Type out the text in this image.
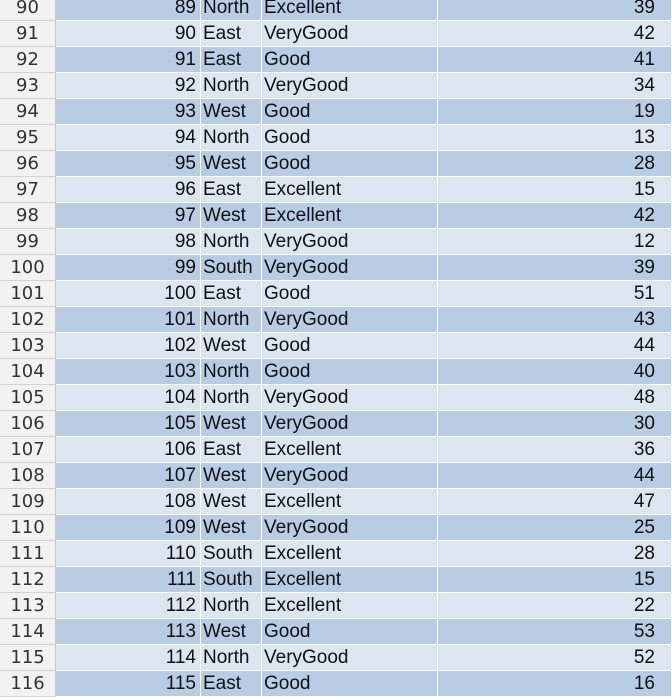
90	89 North Excellent	39
91	90 East	VeryGood	42
92	91 East	Good	41
93	92 North VeryGood	34
94	93 West Good	19
95	94 North Good	13
96	95 West Good	28
97	96 East	Excellent	15
98	97 West Excellent	42
99	98 North VeryGood	12
100	99 South VeryGood	39
101	100 East	Good	51
102	101 North VeryGood	43
103	102 West Good	44
104	103 North Good	40
105	104 North VeryGood	48
106	105 West VeryGood	30
107	106 East	Excellent	36
108	107 West VeryGood	44
109	108 West Excellent	47
110	109 West VeryGood	25
111	110 South Excellent	28
112	111 South Excellent	15
113	112 North Excellent	22
114	113 West Good	53
115	114 North VeryGood	52
116	115 East	Good	16
